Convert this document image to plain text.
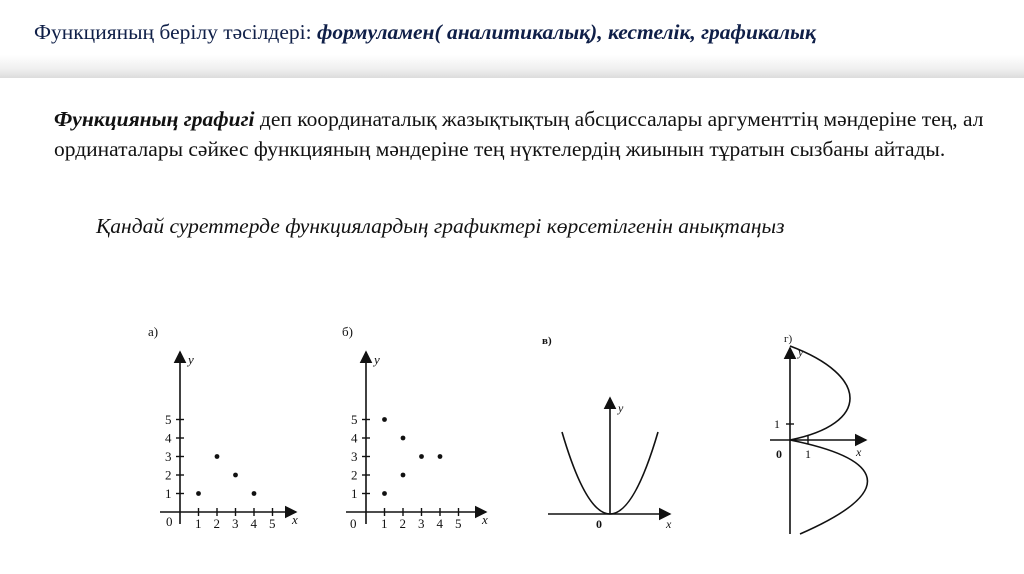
Функцияның берілу тәсілдері: формуламен( аналитикалық), кестелік, графикалық
Функцияның графигі деп координаталық жазықтықтың абсциссалары аргументтің мәндеріне тең, ал ординаталары сәйкес функцияның мәндеріне тең нүктелердің жиынын тұратын сызбаны айтады.
Қандай суреттерде функциялардың графиктері көрсетілгенін анықтаңыз
а)
y
x
0 1 2 3 4 5
1
2
3
4
5
б)
y
x
0 1 2 3 4 5
1
2
3
4
5
в)
y
x
0
г)
y
x
0
1
1
